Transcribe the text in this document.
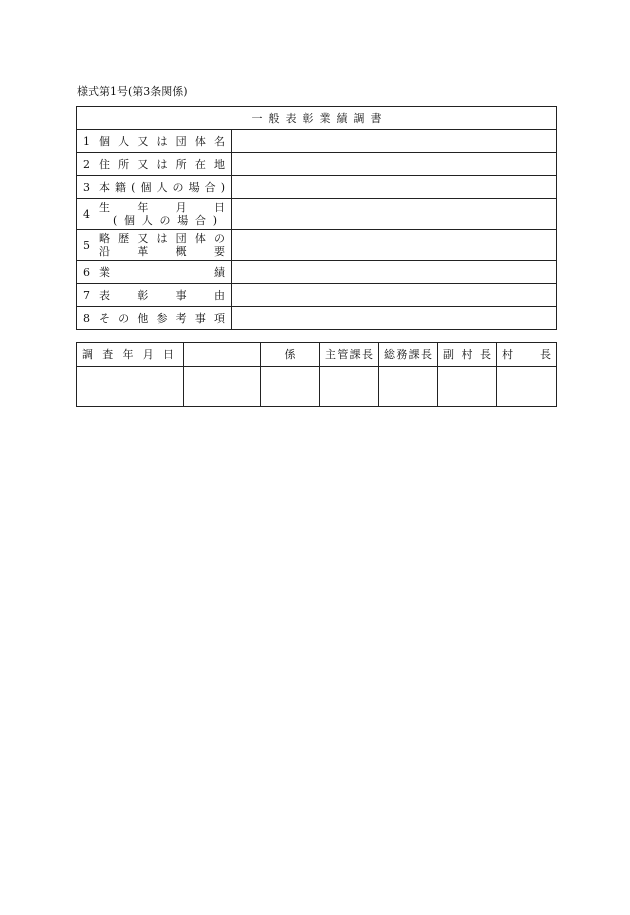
様式第1号(第3条関係)
一般表彰業績調書	

1 個人又は団体名	

2 住所又は所在地	

3 本籍(個人の場合)	

4 生　年　月　日
(個人の場合)	

5 略歴又は団体の
沿　革　概　要	

6 業　　　　　績	

7 表　彰　事　由	

8 その他参考事項	

調査年月日		係	主管課長	総務課長	副村長	村　長
